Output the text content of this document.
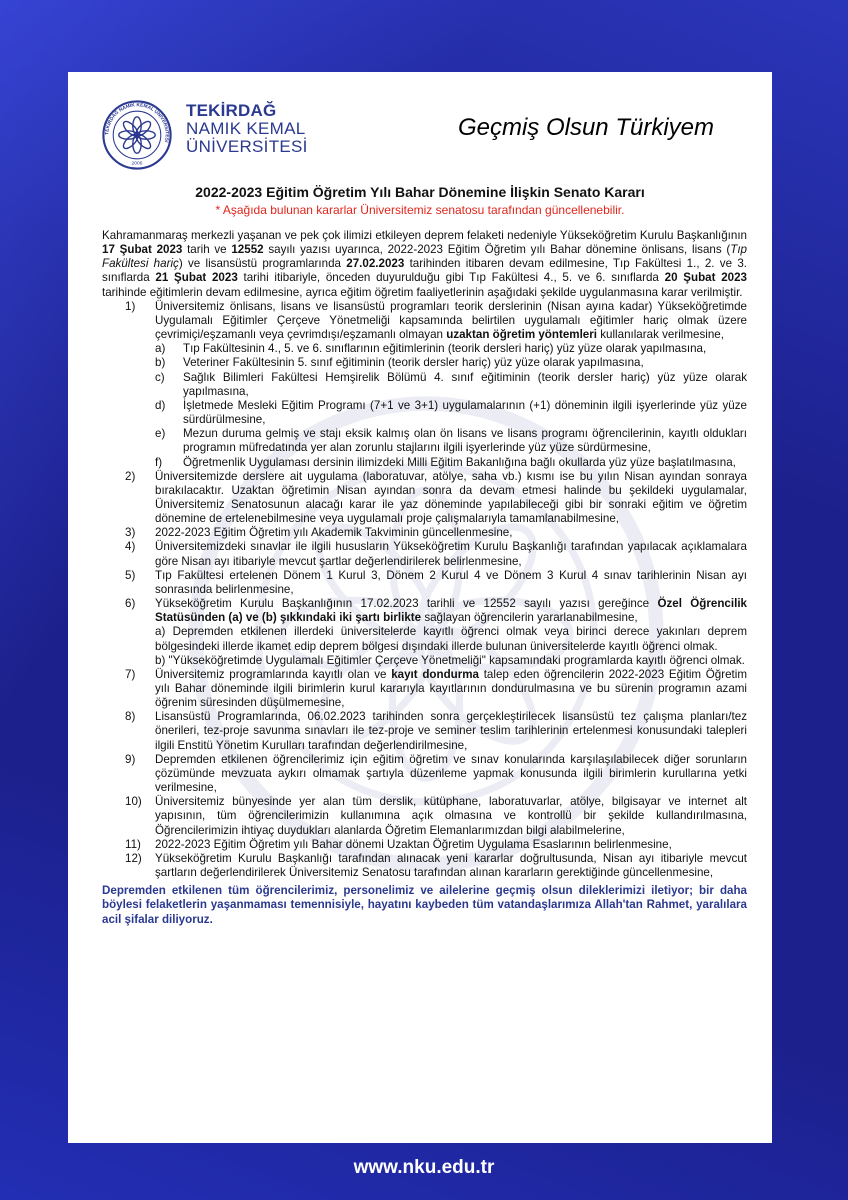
TEKİRDAĞ NAMIK KEMAL ÜNİVERSİTESİ
2006
TEKİRDAĞ
NAMIK KEMAL
ÜNİVERSİTESİ
Geçmiş Olsun Türkiyem
2022-2023 Eğitim Öğretim Yılı Bahar Dönemine İlişkin Senato Kararı
* Aşağıda bulunan kararlar Üniversitemiz senatosu tarafından güncellenebilir.

Kahramanmaraş merkezli yaşanan ve pek çok ilimizi etkileyen deprem felaketi nedeniyle Yükseköğretim Kurulu Başkanlığının 17 Şubat 2023 tarih ve 12552 sayılı yazısı uyarınca, 2022-2023 Eğitim Öğretim yılı Bahar dönemine önlisans, lisans (Tıp Fakültesi hariç) ve lisansüstü programlarında 27.02.2023 tarihinden itibaren devam edilmesine, Tıp Fakültesi 1., 2. ve 3. sınıflarda 21 Şubat 2023 tarihi itibariyle, önceden duyurulduğu gibi Tıp Fakültesi 4., 5. ve 6. sınıflarda 20 Şubat 2023 tarihinde eğitimlerin devam edilmesine, ayrıca eğitim öğretim faaliyetlerinin aşağıdaki şekilde uygulanmasına karar verilmiştir.

1)	Üniversitemiz önlisans, lisans ve lisansüstü programları teorik derslerinin (Nisan ayına kadar) Yükseköğretimde Uygulamalı Eğitimler Çerçeve Yönetmeliği kapsamında belirtilen uygulamalı eğitimler hariç olmak üzere çevrimiçi/eşzamanlı veya çevrimdışı/eşzamanlı olmayan uzaktan öğretim yöntemleri kullanılarak verilmesine,
a)	Tıp Fakültesinin 4., 5. ve 6. sınıflarının eğitimlerinin (teorik dersleri hariç) yüz yüze olarak yapılmasına,
b)	Veteriner Fakültesinin 5. sınıf eğitiminin (teorik dersler hariç) yüz yüze olarak yapılmasına,
c)	Sağlık Bilimleri Fakültesi Hemşirelik Bölümü 4. sınıf eğitiminin (teorik dersler hariç) yüz yüze olarak yapılmasına,
d)	İşletmede Mesleki Eğitim Programı (7+1 ve 3+1) uygulamalarının (+1) döneminin ilgili işyerlerinde yüz yüze sürdürülmesine,
e)	Mezun duruma gelmiş ve stajı eksik kalmış olan ön lisans ve lisans programı öğrencilerinin, kayıtlı oldukları programın müfredatında yer alan zorunlu stajlarını ilgili işyerlerinde yüz yüze sürdürmesine,
f)	Öğretmenlik Uygulaması dersinin ilimizdeki Milli Eğitim Bakanlığına bağlı okullarda yüz yüze başlatılmasına,
2)	Üniversitemizde derslere ait uygulama (laboratuvar, atölye, saha vb.) kısmı ise bu yılın Nisan ayından sonraya bırakılacaktır. Uzaktan öğretimin Nisan ayından sonra da devam etmesi halinde bu şekildeki uygulamalar, Üniversitemiz Senatosunun alacağı karar ile yaz döneminde yapılabileceği gibi bir sonraki eğitim ve öğretim dönemine de ertelenebilmesine veya uygulamalı proje çalışmalarıyla tamamlanabilmesine,
3)	2022-2023 Eğitim Öğretim yılı Akademik Takviminin güncellenmesine,
4)	Üniversitemizdeki sınavlar ile ilgili hususların Yükseköğretim Kurulu Başkanlığı tarafından yapılacak açıklamalara göre Nisan ayı itibariyle mevcut şartlar değerlendirilerek belirlenmesine,
5)	Tıp Fakültesi ertelenen Dönem 1 Kurul 3, Dönem 2 Kurul 4 ve Dönem 3 Kurul 4 sınav tarihlerinin Nisan ayı sonrasında belirlenmesine,
6)	Yükseköğretim Kurulu Başkanlığının 17.02.2023 tarihli ve 12552 sayılı yazısı gereğince Özel Öğrencilik Statüsünden (a) ve (b) şıkkındaki iki şartı birlikte sağlayan öğrencilerin yararlanabilmesine,
a) Depremden etkilenen illerdeki üniversitelerde kayıtlı öğrenci olmak veya birinci derece yakınları deprem bölgesindeki illerde ikamet edip deprem bölgesi dışındaki illerde bulunan üniversitelerde kayıtlı öğrenci olmak.
b) "Yükseköğretimde Uygulamalı Eğitimler Çerçeve Yönetmeliği" kapsamındaki programlarda kayıtlı öğrenci olmak.
7)	Üniversitemiz programlarında kayıtlı olan ve kayıt dondurma talep eden öğrencilerin 2022-2023 Eğitim Öğretim yılı Bahar döneminde ilgili birimlerin kurul kararıyla kayıtlarının dondurulmasına ve bu sürenin programın azami öğrenim süresinden düşülmemesine,
8)	Lisansüstü Programlarında, 06.02.2023 tarihinden sonra gerçekleştirilecek lisansüstü tez çalışma planları/tez önerileri, tez-proje savunma sınavları ile tez-proje ve seminer teslim tarihlerinin ertelenmesi konusundaki talepleri ilgili Enstitü Yönetim Kurulları tarafından değerlendirilmesine,
9)	Depremden etkilenen öğrencilerimiz için eğitim öğretim ve sınav konularında karşılaşılabilecek diğer sorunların çözümünde mevzuata aykırı olmamak şartıyla düzenleme yapmak konusunda ilgili birimlerin kurullarına yetki verilmesine,
10)	Üniversitemiz bünyesinde yer alan tüm derslik, kütüphane, laboratuvarlar, atölye, bilgisayar ve internet alt yapısının, tüm öğrencilerimizin kullanımına açık olmasına ve kontrollü bir şekilde kullandırılmasına, Öğrencilerimizin ihtiyaç duydukları alanlarda Öğretim Elemanlarımızdan bilgi alabilmelerine,
11)	2022-2023 Eğitim Öğretim yılı Bahar dönemi Uzaktan Öğretim Uygulama Esaslarının belirlenmesine,
12)	Yükseköğretim Kurulu Başkanlığı tarafından alınacak yeni kararlar doğrultusunda, Nisan ayı itibariyle mevcut şartların değerlendirilerek Üniversitemiz Senatosu tarafından alınan kararların gerektiğinde güncellenmesine,

Depremden etkilenen tüm öğrencilerimiz, personelimiz ve ailelerine geçmiş olsun dileklerimizi iletiyor; bir daha böylesi felaketlerin yaşanmaması temennisiyle, hayatını kaybeden tüm vatandaşlarımıza Allah'tan Rahmet, yaralılara acil şifalar diliyoruz.

www.nku.edu.tr
